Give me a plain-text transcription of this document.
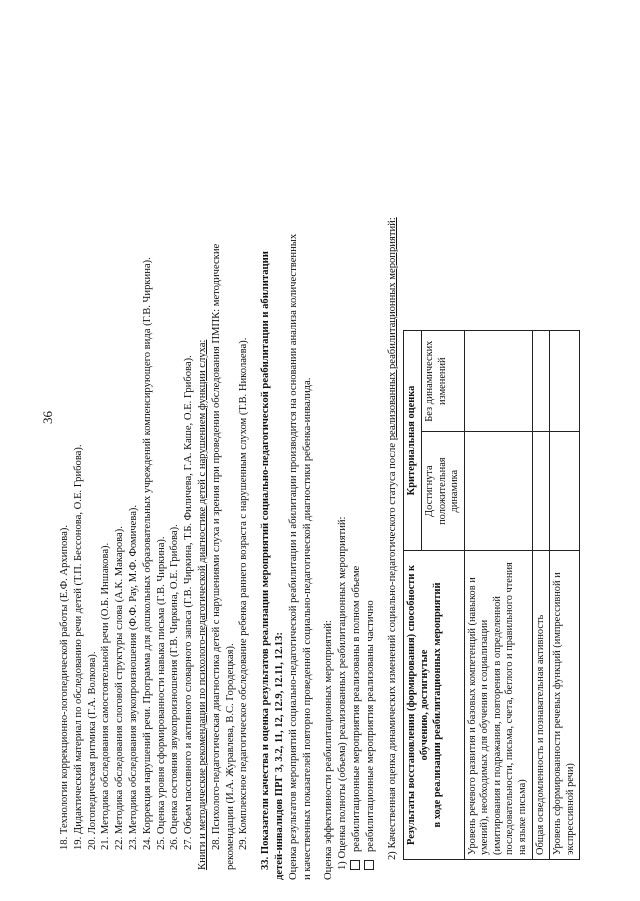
36
18. Технологии коррекционно-логопедической работы (Е.Ф. Архипова). 19. Дидактический материал по обследованию речи детей (Т.П. Бессонова, О.Е. Грибова). 20. Логопедическая ритмика (Г.А. Волкова). 21. Методика обследования самостоятельной речи (О.Б. Иншакова). 22. Методика обследования слоговой структуры слова (А.К. Макарова). 23. Методика обследования звукопроизношения (Ф.Ф. Рау, М.Ф. Фомичева). 24. Коррекция нарушений речи. Программа для дошкольных образовательных учреждений компенсирующего вида (Г.В. Чиркина). 25. Оценка уровня сформированности навыка письма (Г.В. Чиркина). 26. Оценка состояния звукопроизношения (Г.В. Чиркина, О.Е. Грибова). 27. Объем пассивного и активного словарного запаса (Г.В. Чиркина, Т.Б. Филичева, Г.А. Каше, О.Е. Грибова). Книги и методические рекомендации по психолого-педагогической диагностике детей с нарушением функции слуха: 28. Психолого-педагогическая диагностика детей с нарушениями слуха и зрения при проведении обследования ПМПК: методические рекомендации (И.А. Журавлева, В.С. Городецкая). 29. Комплексное педагогическое обследование ребенка раннего возраста с нарушенным слухом (Т.В. Николаева). 33. Показатели качества и оценка результатов реализации мероприятий социально-педагогической реабилитации и абилитации детей-инвалидов ПРГ 3, 3.2, 11, 12, 12.9, 12.11, 12.13: Оценка результатов мероприятий социально-педагогической реабилитации и абилитации производится на основании анализа количественных и качественных показателей повторно проведенной социально-педагогической диагностики ребенка-инвалида. Оценка эффективности реабилитационных мероприятий: 1) Оценка полноты (объема) реализованных реабилитационных мероприятий: реабилитационные мероприятия реализованы в полном объеме реабилитационные мероприятия реализованы частично 2) Качественная оценка динамических изменений социально-педагогического статуса после реализованных реабилитационных мероприятий:
Результаты восстановления (формирования) способности к обучению, достигнутые в ходе реализации реабилитационных мероприятий	Критериальная оценка	
	Достигнута положительная динамика	Без динамических изменений
Уровень речевого развития и базовых компетенций (навыков и умений), необходимых для обучения и социализации (имитирования и подражания, повторения в определенной последовательности, письма, счета, беглого и правильного чтения на языке письма)		
Общая осведомленность и познавательная активность		
Уровень сформированности речевых функций (импрессивной и экспрессивной речи)		
